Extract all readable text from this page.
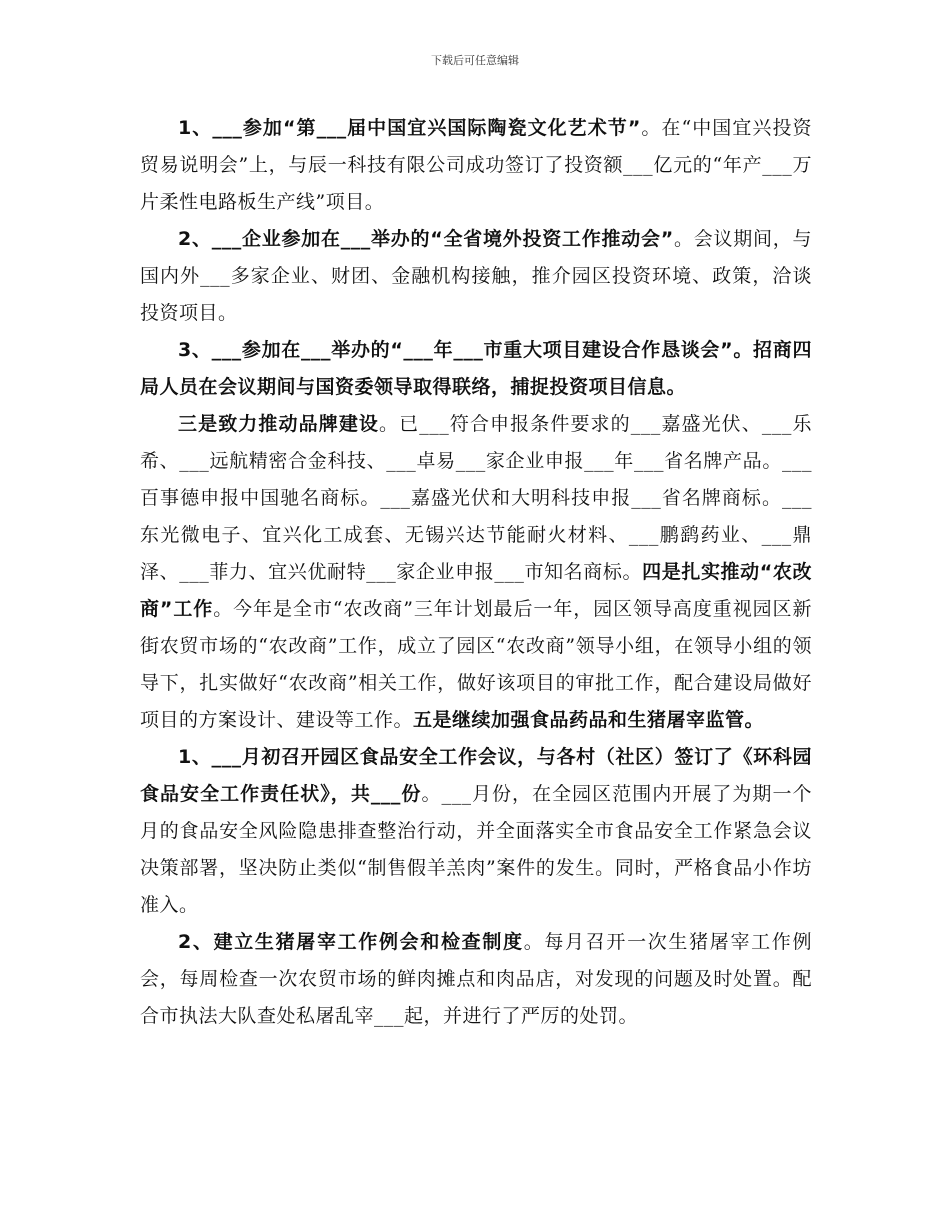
下载后可任意编辑

1、___参加“第___届中国宜兴国际陶瓷文化艺术节”。在“中国宜兴投资贸易说明会”上，与辰一科技有限公司成功签订了投资额___亿元的“年产___万片柔性电路板生产线”项目。

2、___企业参加在___举办的“全省境外投资工作推动会”。会议期间，与国内外___多家企业、财团、金融机构接触，推介园区投资环境、政策，洽谈投资项目。

3、___参加在___举办的“___年___市重大项目建设合作恳谈会”。招商四局人员在会议期间与国资委领导取得联络，捕捉投资项目信息。

三是致力推动品牌建设。已___符合申报条件要求的___嘉盛光伏、___乐希、___远航精密合金科技、___卓易___家企业申报___年___省名牌产品。___百事德申报中国驰名商标。___嘉盛光伏和大明科技申报___省名牌商标。___东光微电子、宜兴化工成套、无锡兴达节能耐火材料、___鹏鹞药业、___鼎泽、___菲力、宜兴优耐特___家企业申报___市知名商标。四是扎实推动“农改商”工作。今年是全市“农改商”三年计划最后一年，园区领导高度重视园区新街农贸市场的“农改商”工作，成立了园区“农改商”领导小组，在领导小组的领导下，扎实做好“农改商”相关工作，做好该项目的审批工作，配合建设局做好项目的方案设计、建设等工作。五是继续加强食品药品和生猪屠宰监管。

1、___月初召开园区食品安全工作会议，与各村（社区）签订了《环科园食品安全工作责任状》，共___份。___月份，在全园区范围内开展了为期一个月的食品安全风险隐患排查整治行动，并全面落实全市食品安全工作紧急会议决策部署，坚决防止类似“制售假羊羔肉”案件的发生。同时，严格食品小作坊准入。

2、建立生猪屠宰工作例会和检查制度。每月召开一次生猪屠宰工作例会，每周检查一次农贸市场的鲜肉摊点和肉品店，对发现的问题及时处置。配合市执法大队查处私屠乱宰___起，并进行了严厉的处罚。
